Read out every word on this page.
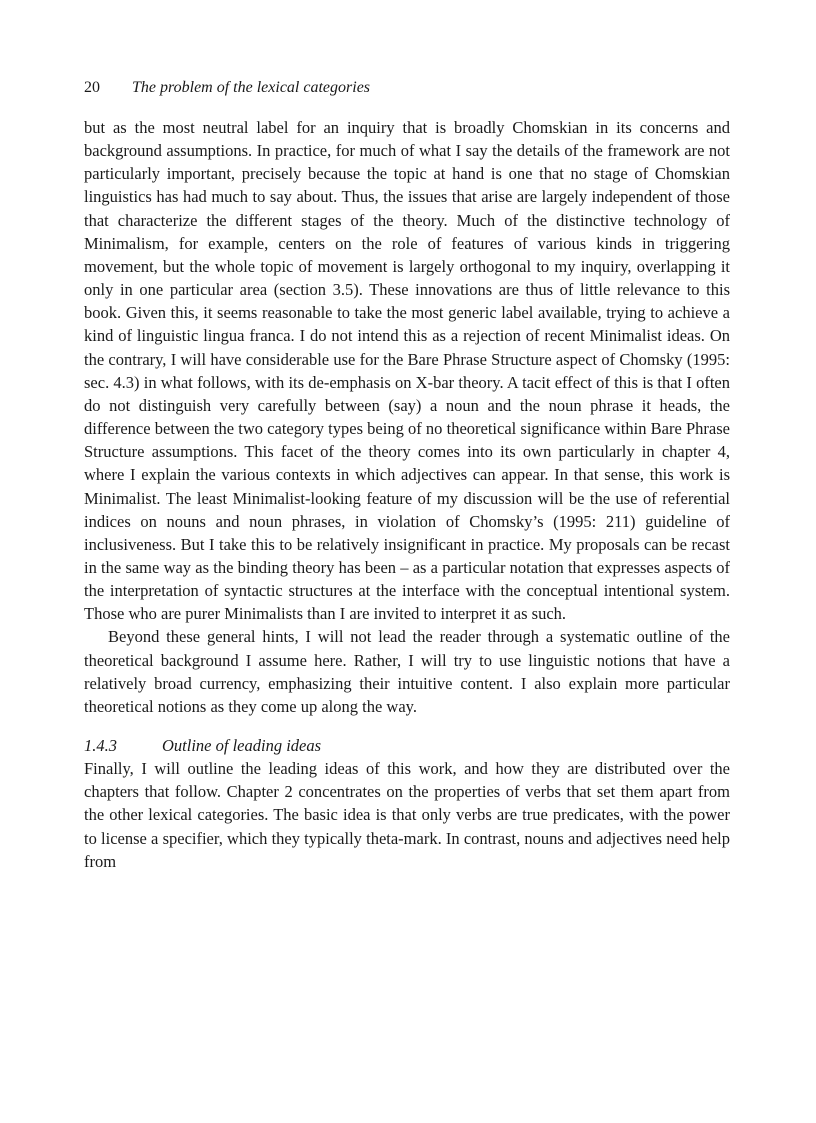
20 The problem of the lexical categories

but as the most neutral label for an inquiry that is broadly Chomskian in its concerns and background assumptions. In practice, for much of what I say the details of the framework are not particularly important, precisely because the topic at hand is one that no stage of Chomskian linguistics has had much to say about. Thus, the issues that arise are largely independent of those that characterize the different stages of the theory. Much of the distinctive technology of Minimalism, for example, centers on the role of features of various kinds in triggering movement, but the whole topic of movement is largely orthogonal to my inquiry, overlapping it only in one particular area (section 3.5). These innovations are thus of little relevance to this book. Given this, it seems reasonable to take the most generic label available, trying to achieve a kind of linguistic lingua franca. I do not intend this as a rejection of recent Minimalist ideas. On the contrary, I will have considerable use for the Bare Phrase Structure aspect of Chomsky (1995: sec. 4.3) in what follows, with its de-emphasis on X-bar theory. A tacit effect of this is that I often do not distinguish very carefully between (say) a noun and the noun phrase it heads, the difference between the two category types being of no theoretical significance within Bare Phrase Structure assumptions. This facet of the theory comes into its own particularly in chapter 4, where I explain the various contexts in which adjectives can appear. In that sense, this work is Minimalist. The least Minimalist-looking feature of my discussion will be the use of referential indices on nouns and noun phrases, in violation of Chomsky’s (1995: 211) guideline of inclusiveness. But I take this to be relatively insignificant in practice. My proposals can be recast in the same way as the binding theory has been – as a particular notation that expresses aspects of the interpretation of syntactic structures at the interface with the conceptual intentional system. Those who are purer Minimalists than I are invited to interpret it as such.

Beyond these general hints, I will not lead the reader through a systematic outline of the theoretical background I assume here. Rather, I will try to use linguistic notions that have a relatively broad currency, emphasizing their intuitive content. I also explain more particular theoretical notions as they come up along the way.

1.4.3	Outline of leading ideas

Finally, I will outline the leading ideas of this work, and how they are distributed over the chapters that follow. Chapter 2 concentrates on the properties of verbs that set them apart from the other lexical categories. The basic idea is that only verbs are true predicates, with the power to license a specifier, which they typically theta-mark. In contrast, nouns and adjectives need help from
